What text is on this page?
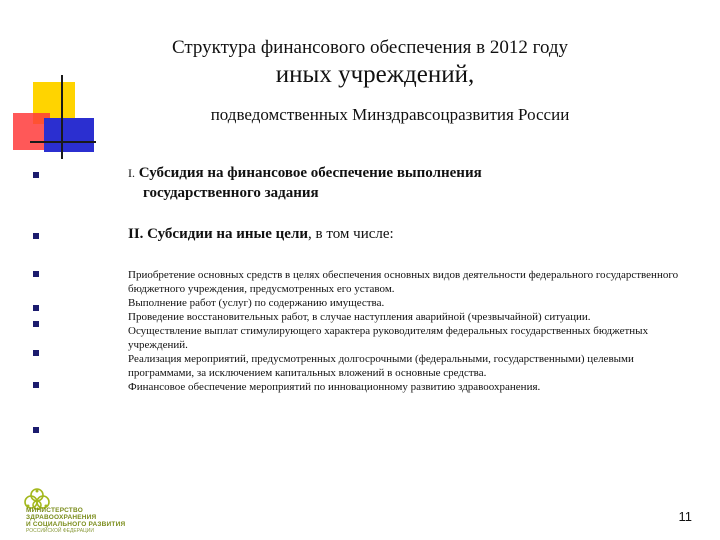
Структура финансового обеспечения в 2012 году
иных учреждений,
подведомственных Минздравсоцразвития России
I. Субсидия на финансовое обеспечение выполнения
государственного задания
II. Субсидии на иные цели, в том числе:
Приобретение основных средств в целях обеспечения основных видов деятельности федерального государственного бюджетного учреждения, предусмотренных его уставом.
Выполнение работ (услуг) по содержанию имущества.
Проведение восстановительных работ, в случае наступления аварийной (чрезвычайной) ситуации.
Осуществление выплат стимулирующего характера руководителям федеральных государственных бюджетных учреждений.
Реализация мероприятий, предусмотренных долгосрочными (федеральными, государственными) целевыми программами, за исключением капитальных вложений в основные средства.
Финансовое обеспечение мероприятий по инновационному развитию здравоохранения.
МИНИСТЕРСТВО
ЗДРАВООХРАНЕНИЯ
И СОЦИАЛЬНОГО РАЗВИТИЯ
РОССИЙСКОЙ ФЕДЕРАЦИИ
11
